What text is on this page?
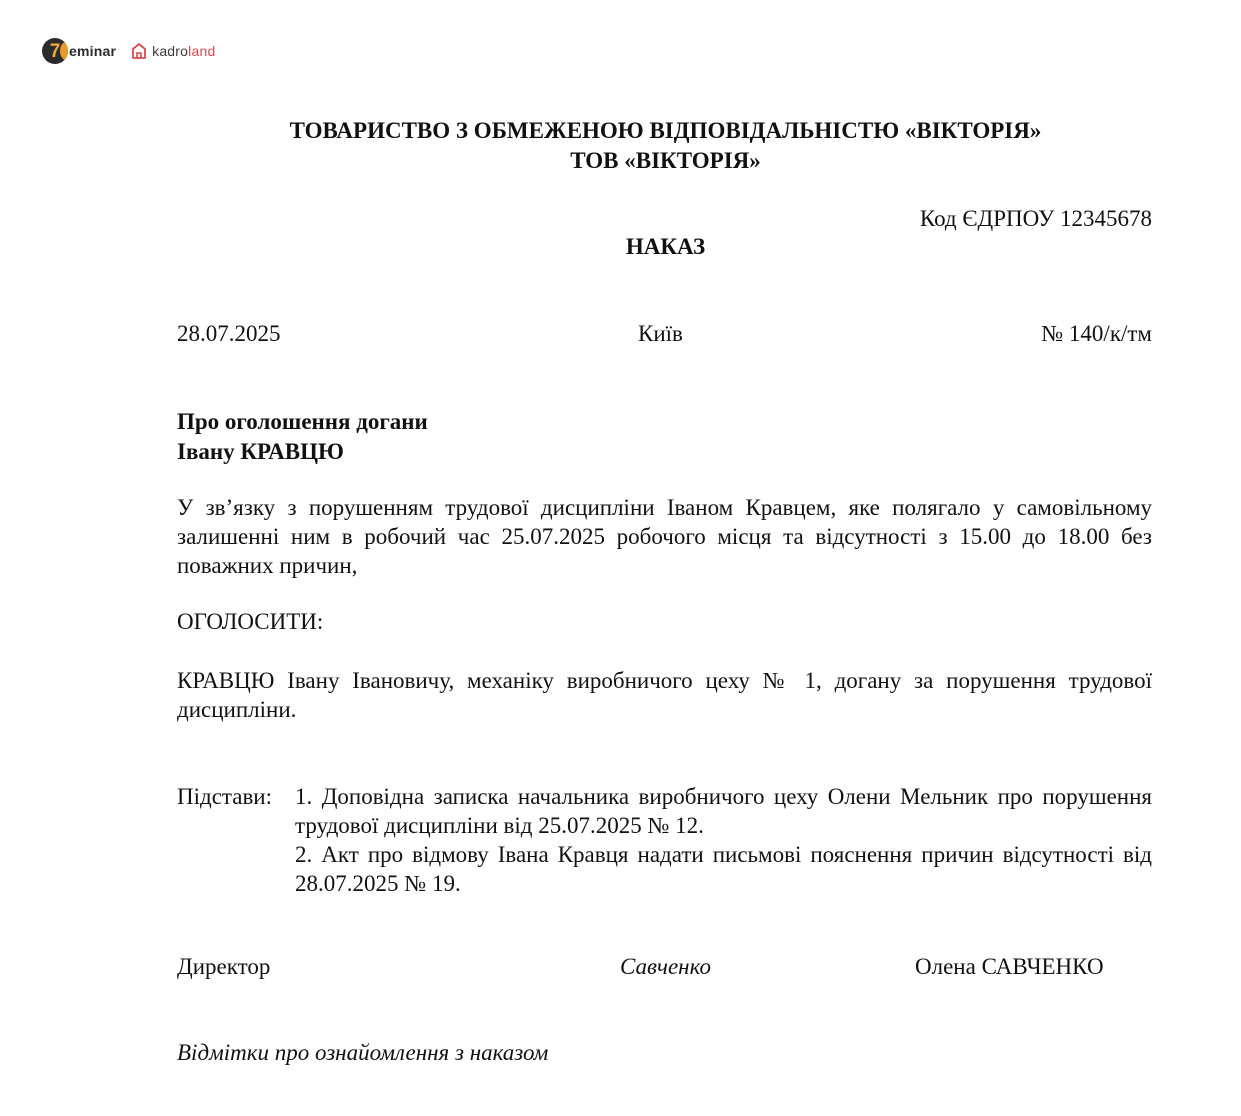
7 eminar	kadroland
ТОВАРИСТВО З ОБМЕЖЕНОЮ ВІДПОВІДАЛЬНІСТЮ «ВІКТОРІЯ»
ТОВ «ВІКТОРІЯ»
Код ЄДРПОУ 12345678
НАКАЗ
28.07.2025	Київ	№ 140/к/тм
Про оголошення догани
Івану КРАВЦЮ
У зв’язку з порушенням трудової дисципліни Іваном Кравцем, яке полягало у самовільному залишенні ним в робочий час 25.07.2025 робочого місця та відсутності з 15.00 до 18.00 без поважних причин,
ОГОЛОСИТИ:
КРАВЦЮ Івану Івановичу, механіку виробничого цеху № 1, догану за порушення трудової дисципліни.
Підстави: 1. Доповідна записка начальника виробничого цеху Олени Мельник про порушення трудової дисципліни від 25.07.2025 № 12.
2. Акт про відмову Івана Кравця надати письмові пояснення причин відсутності від 28.07.2025 № 19.
Директор	Савченко	Олена САВЧЕНКО
Відмітки про ознайомлення з наказом
